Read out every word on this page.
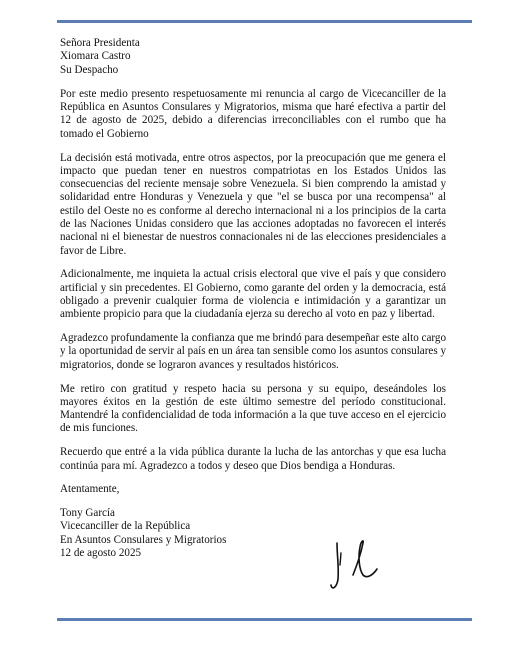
Señora Presidenta
Xiomara Castro
Su Despacho

Por este medio presento respetuosamente mi renuncia al cargo de Vicecanciller de la República en Asuntos Consulares y Migratorios, misma que haré efectiva a partir del 12 de agosto de 2025, debido a diferencias irreconciliables con el rumbo que ha tomado el Gobierno

La decisión está motivada, entre otros aspectos, por la preocupación que me genera el impacto que puedan tener en nuestros compatriotas en los Estados Unidos las consecuencias del reciente mensaje sobre Venezuela. Si bien comprendo la amistad y solidaridad entre Honduras y Venezuela y que "el se busca por una recompensa" al estilo del Oeste no es conforme al derecho internacional ni a los principios de la carta de las Naciones Unidas considero que las acciones adoptadas no favorecen el interés nacional ni el bienestar de nuestros connacionales ni de las elecciones presidenciales a favor de Libre.

Adicionalmente, me inquieta la actual crisis electoral que vive el país y que considero artificial y sin precedentes. El Gobierno, como garante del orden y la democracia, está obligado a prevenir cualquier forma de violencia e intimidación y a garantizar un ambiente propicio para que la ciudadanía ejerza su derecho al voto en paz y libertad.

Agradezco profundamente la confianza que me brindó para desempeñar este alto cargo y la oportunidad de servir al país en un área tan sensible como los asuntos consulares y migratorios, donde se lograron avances y resultados históricos.

Me retiro con gratitud y respeto hacia su persona y su equipo, deseándoles los mayores éxitos en la gestión de este último semestre del período constitucional. Mantendré la confidencialidad de toda información a la que tuve acceso en el ejercicio de mis funciones.

Recuerdo que entré a la vida pública durante la lucha de las antorchas y que esa lucha continúa para mí. Agradezco a todos y deseo que Dios bendiga a Honduras.

Atentamente,

Tony García
Vicecanciller de la República
En Asuntos Consulares y Migratorios
12 de agosto 2025
